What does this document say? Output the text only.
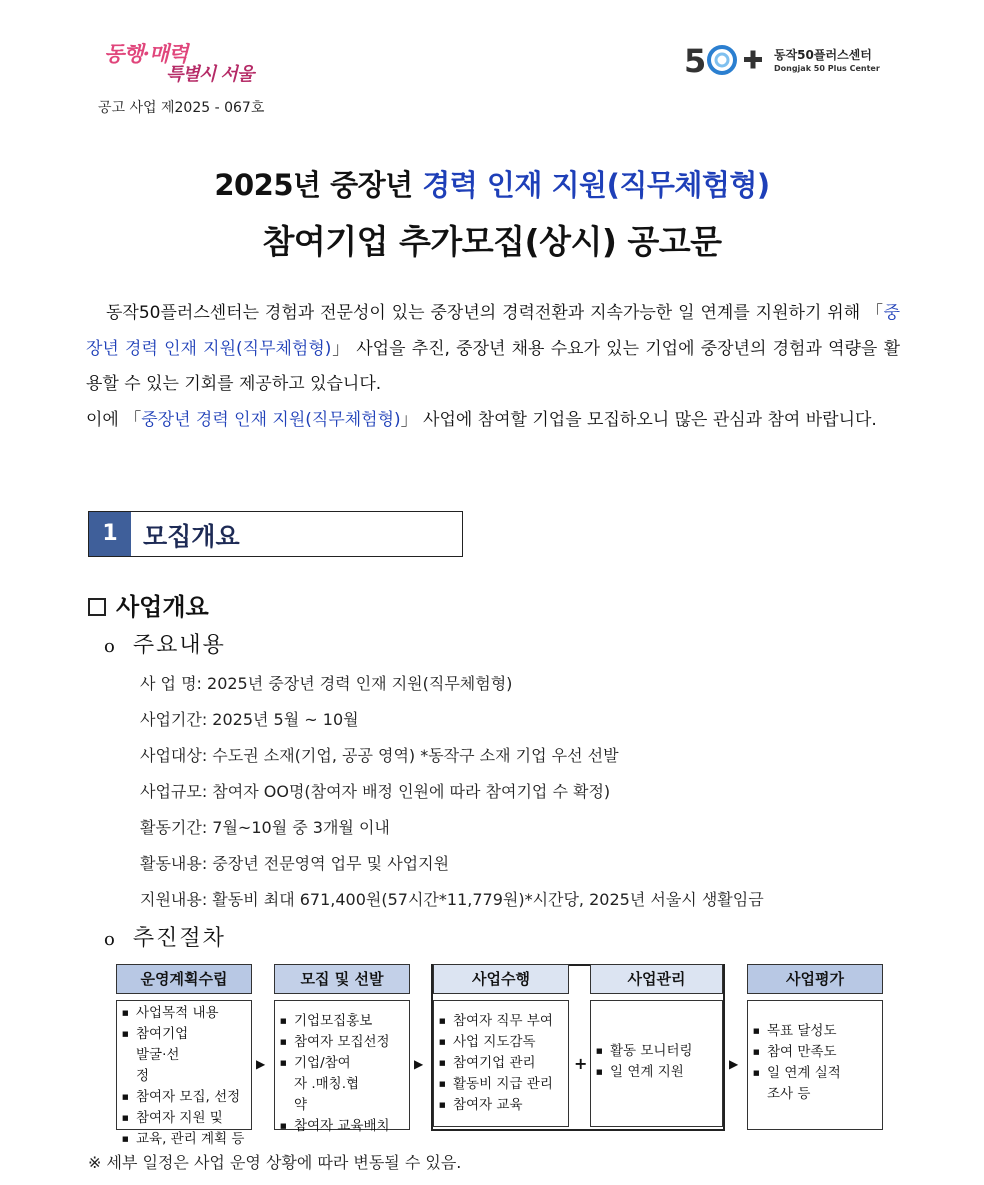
동행·매력
특별시 서울	5	동작50플러스센터
Dongjak 50 Plus Center
공고 사업 제2025 - 067호
2025년 중장년 경력 인재 지원(직무체험형)
참여기업 추가모집(상시) 공고문
동작50플러스센터는 경험과 전문성이 있는 중장년의 경력전환과 지속가능한 일 연계를 지원하기 위해 「중장년 경력 인재 지원(직무체험형)」 사업을 추진, 중장년 채용 수요가 있는 기업에 중장년의 경험과 역량을 활용할 수 있는 기회를 제공하고 있습니다.
이에 「중장년 경력 인재 지원(직무체험형)」 사업에 참여할 기업을 모집하오니 많은 관심과 참여 바랍니다.
1	모집개요
사업개요
o 주요내용
사 업 명: 2025년 중장년 경력 인재 지원(직무체험형)
사업기간: 2025년 5월 ~ 10월
사업대상: 수도권 소재(기업, 공공 영역) *동작구 소재 기업 우선 선발
사업규모: 참여자 OO명(참여자 배정 인원에 따라 참여기업 수 확정)
활동기간: 7월~10월 중 3개월 이내
활동내용: 중장년 전문영역 업무 및 사업지원
지원내용: 활동비 최대 671,400원(57시간*11,779원)*시간당, 2025년 서울시 생활임금
o 추진절차
운영계획수립
■ 사업목적 내용
■ 참여기업 발굴·선정
■ 참여자 모집, 선정
■ 참여자 지원 및
■ 교육, 관리 계획 등
▶
모집 및 선발
■ 기업모집홍보
■ 참여자 모집선정
■ 기업/참여자 .매칭.협약
■ 참여자 교육배치
▶
사업수행
■ 참여자 직무 부여
■ 사업 지도감독
■ 참여기업 관리
■ 활동비 지급 관리
■ 참여자 교육
+
사업관리
■ 활동 모니터링
■ 일 연계 지원	▶
사업평가
■ 목표 달성도
■ 참여 만족도
■ 일 연계 실적 조사 등
※ 세부 일정은 사업 운영 상황에 따라 변동될 수 있음.
